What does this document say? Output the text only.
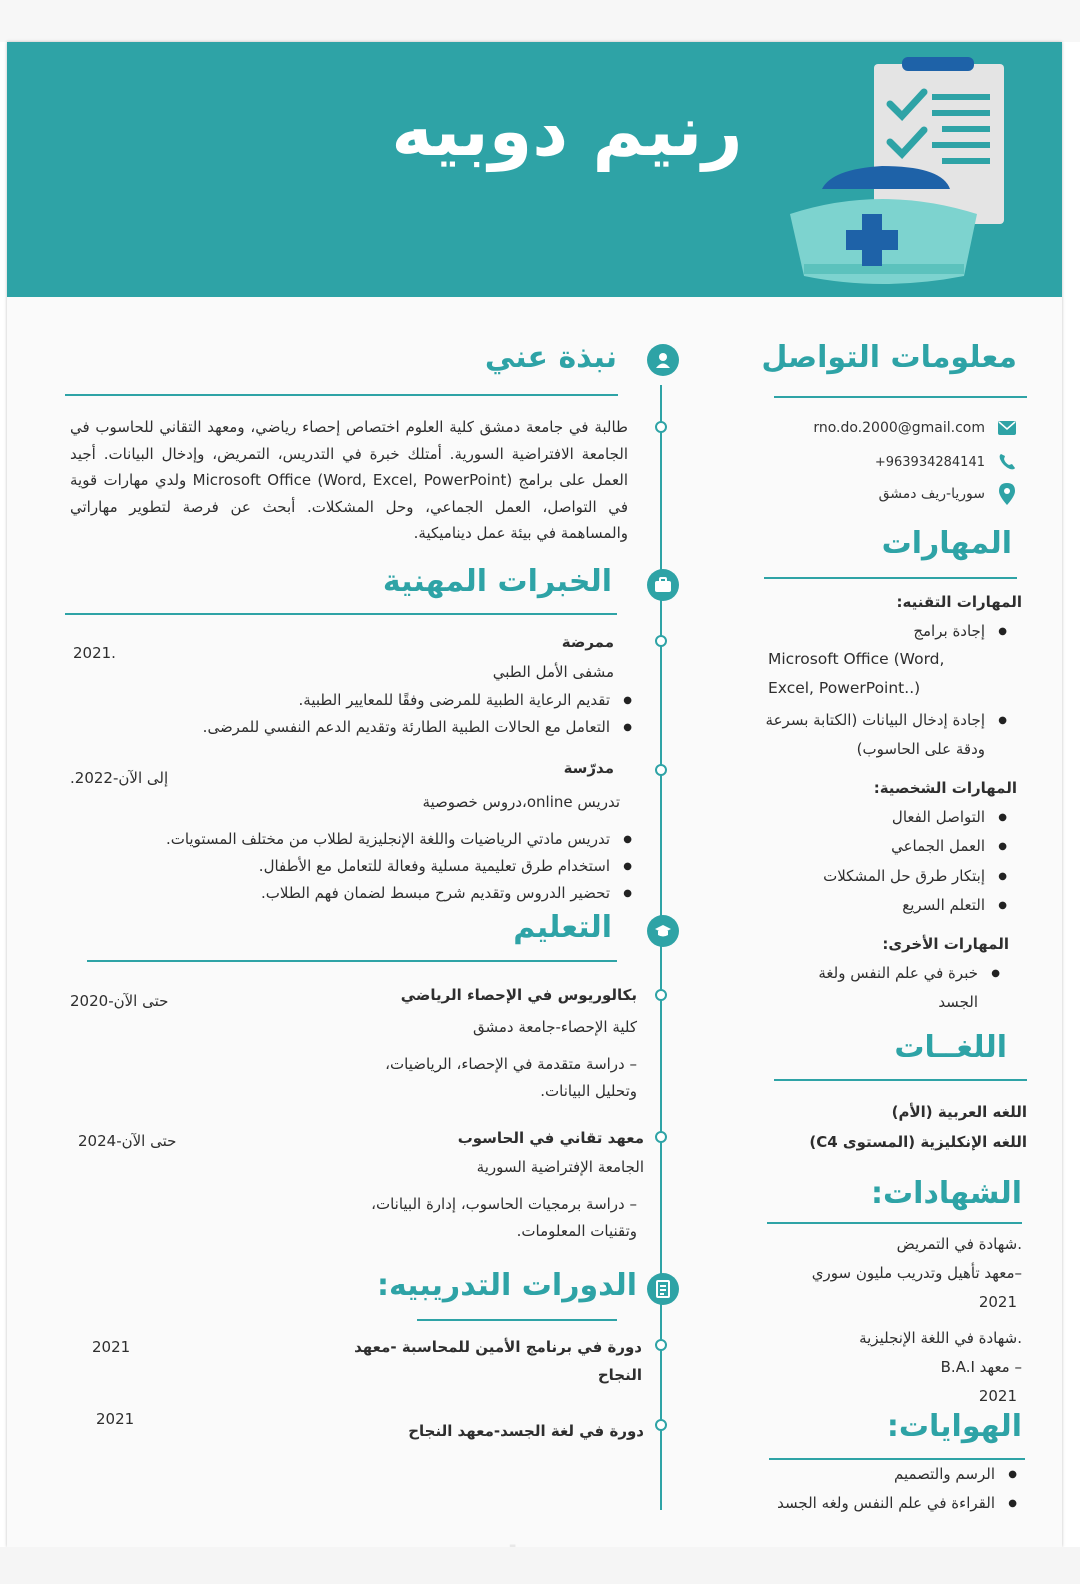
رنيم دوبيه
نبذة عني
طالبة في جامعة دمشق كلية العلوم اختصاص إحصاء رياضي، ومعهد التقاني للحاسوب في الجامعة الافتراضية السورية. أمتلك خبرة في التدريس، التمريض، وإدخال البيانات. أجيد العمل على برامج Microsoft Office (Word, Excel, PowerPoint) ولدي مهارات قوية في التواصل، العمل الجماعي، وحل المشكلات. أبحث عن فرصة لتطوير مهاراتي والمساهمة في بيئة عمل ديناميكية.
الخبرات المهنية
ممرضة
2021.
مشفى الأمل الطبي
● تقديم الرعاية الطبية للمرضى وفقًا للمعايير الطبية.
● التعامل مع الحالات الطبية الطارئة وتقديم الدعم النفسي للمرضى.
مدرّسة
.إلى الآن-2022
تدريس online،دروس خصوصية
● تدريس مادتي الرياضيات واللغة الإنجليزية لطلاب من مختلف المستويات.
● استخدام طرق تعليمية مسلية وفعالة للتعامل مع الأطفال.
● تحضير الدروس وتقديم شرح مبسط لضمان فهم الطلاب.
التعليم
بكالوريوس في الإحصاء الرياضي
حتى الآن-2020
كلية الإحصاء-جامعة دمشق
– دراسة متقدمة في الإحصاء، الرياضيات،
وتحليل البيانات.
معهد تقاني في الحاسوب
حتى الآن-2024
الجامعة الإفتراضية السورية
– دراسة برمجيات الحاسوب، إدارة البيانات،
وتقنيات المعلومات.
الدورات التدريبيه:
دورة في برنامج الأمين للمحاسبة -معهد
النجاح
2021
دورة في لغة الجسد-معهد النجاح
2021
معلومات التواصل
rno.do.2000@gmail.com
+963934284141
سوريا-ريف دمشق
المهارات
المهارات التقنيه:
● إجادة برامج
Microsoft Office (Word,
Excel, PowerPoint..)
● إجادة إدخال البيانات (الكتابة بسرعة ودقة على الحاسوب)
المهارات الشخصية:
● التواصل الفعال
● العمل الجماعي
● إبتكار طرق حل المشكلات
● التعلم السريع
المهارات الأخرى:
● خبرة في علم النفس ولغة الجسد
اللغــات
اللغه العربية (الأم)
اللغه الإنكليزية (المستوى C4)
الشهادات:
.شهادة في التمريض
–معهد تأهيل وتدريب مليون سوري
2021
.شهادة في اللغة الإنجليزية
– معهد B.A.I
2021
الهوايات:
● الرسم والتصميم
● القراءة في علم النفس ولغه الجسد
